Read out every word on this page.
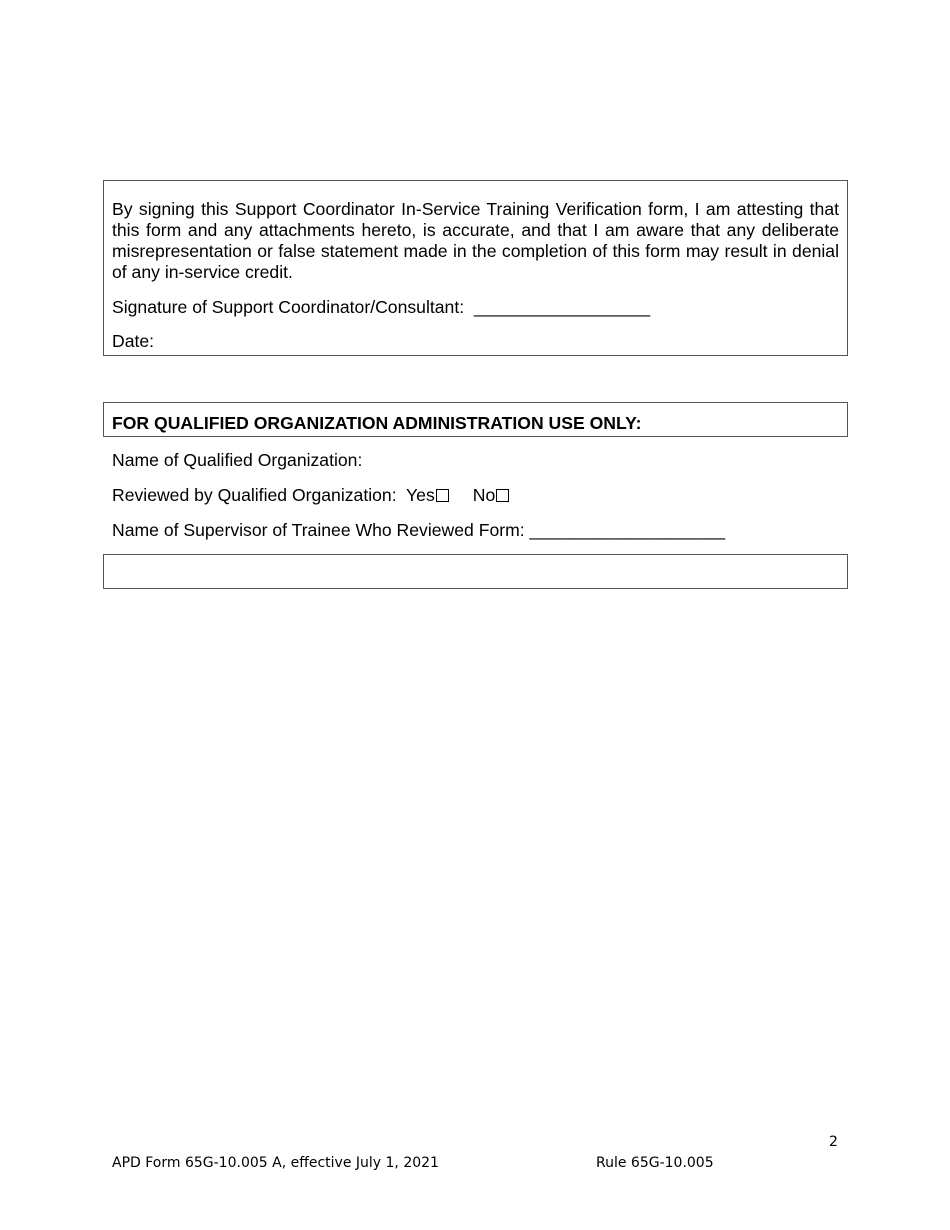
By signing this Support Coordinator In-Service Training Verification form, I am attesting that this form and any attachments hereto, is accurate, and that I am aware that any deliberate misrepresentation or false statement made in the completion of this form may result in denial of any in-service credit.
Signature of Support Coordinator/Consultant:  __________________
Date:
FOR QUALIFIED ORGANIZATION ADMINISTRATION USE ONLY:
Name of Qualified Organization:
Reviewed by Qualified Organization:  Yes No
Name of Supervisor of Trainee Who Reviewed Form: ____________________
2
APD Form 65G-10.005 A, effective July 1, 2021	Rule 65G-10.005
